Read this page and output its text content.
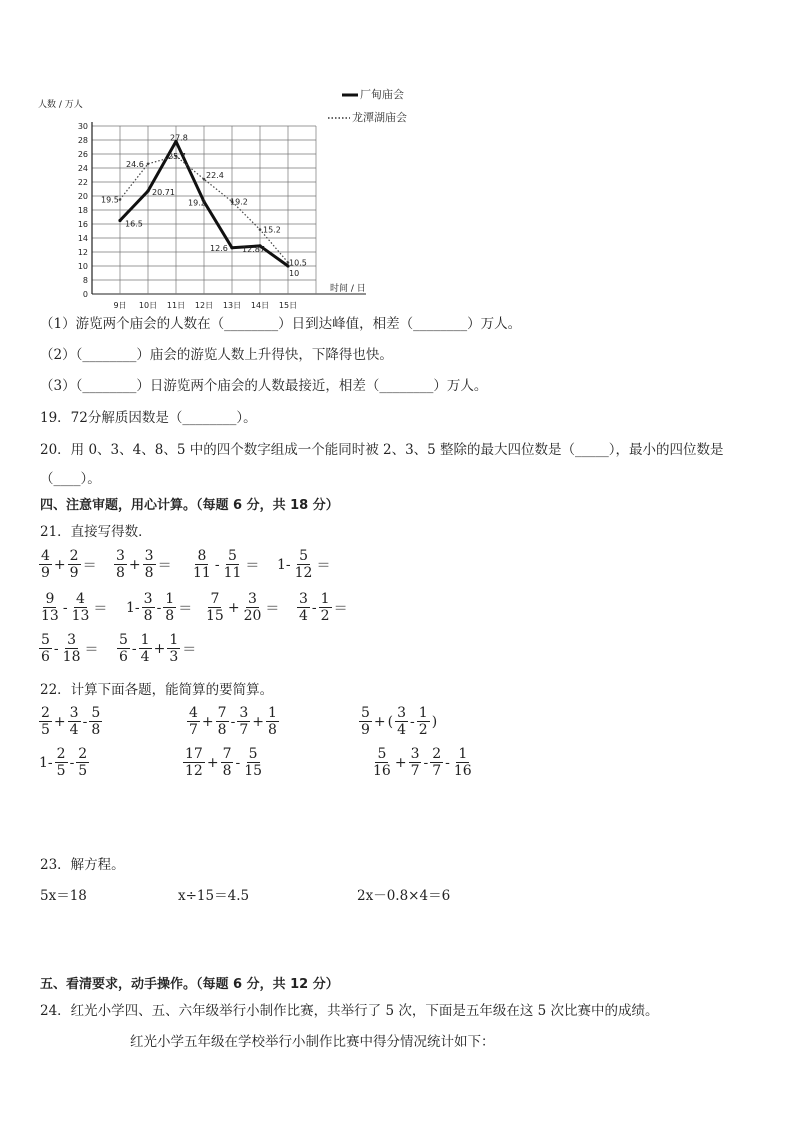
人数 / 万人
时间 / 日
0
8
10
12
14
16
18
20
22
24
26
28
30
9日 10日 11日 12日 13日 14日 15日
19.5
16.5
24.6
20.71
27.8
25.7
22.4
19.2
19.2
12.6 12.87
15.2
10.5
10
厂甸庙会
龙潭湖庙会
（1）游览两个庙会的人数在（________）日到达峰值，相差（________）万人。
（2）（________）庙会的游览人数上升得快，下降得也快。
（3）（________）日游览两个庙会的人数最接近，相差（________）万人。
19．72分解质因数是（________）。
20．用 0、3、4、8、5 中的四个数字组成一个能同时被 2、3、5 整除的最大四位数是（_____），最小的四位数是
（____）。
四、注意审题，用心计算。（每题 6 分，共 18 分）
21．直接写得数．
$\frac{4}{9} + \frac{2}{9} = \frac{3}{8} + \frac{3}{8} = \frac{8}{11} - \frac{5}{11} = 1- \frac{5}{12}$ ＝
$\frac{9}{13} - \frac{4}{13} = 1- \frac{3}{8} - \frac{1}{8} = \frac{7}{15} + \frac{3}{20} = \frac{3}{4} - \frac{1}{2}$ ＝
$\frac{5}{6} - \frac{3}{18} = \frac{5}{6} - \frac{1}{4} + \frac{1}{3}$ ＝
22．计算下面各题，能简算的要简算。
$\frac{2}{5} + \frac{3}{4} - \frac{5}{8}$	$\frac{4}{7} + \frac{7}{8} - \frac{3}{7} + \frac{1}{8}$	$\frac{5}{9}$ + ( $\frac{3}{4} - \frac{1}{2}$ )
$1- \frac{2}{5} - \frac{2}{5}$	$\frac{17}{12} + \frac{7}{8} - \frac{5}{15}$	$\frac{5}{16} + \frac{3}{7} - \frac{2}{7} - \frac{1}{16}$
23．解方程。
5x＝18	x÷15＝4.5	2x－0.8×4＝6
五、看清要求，动手操作。（每题 6 分，共 12 分）
24．红光小学四、五、六年级举行小制作比赛，共举行了 5 次，下面是五年级在这 5 次比赛中的成绩。
红光小学五年级在学校举行小制作比赛中得分情况统计如下：
